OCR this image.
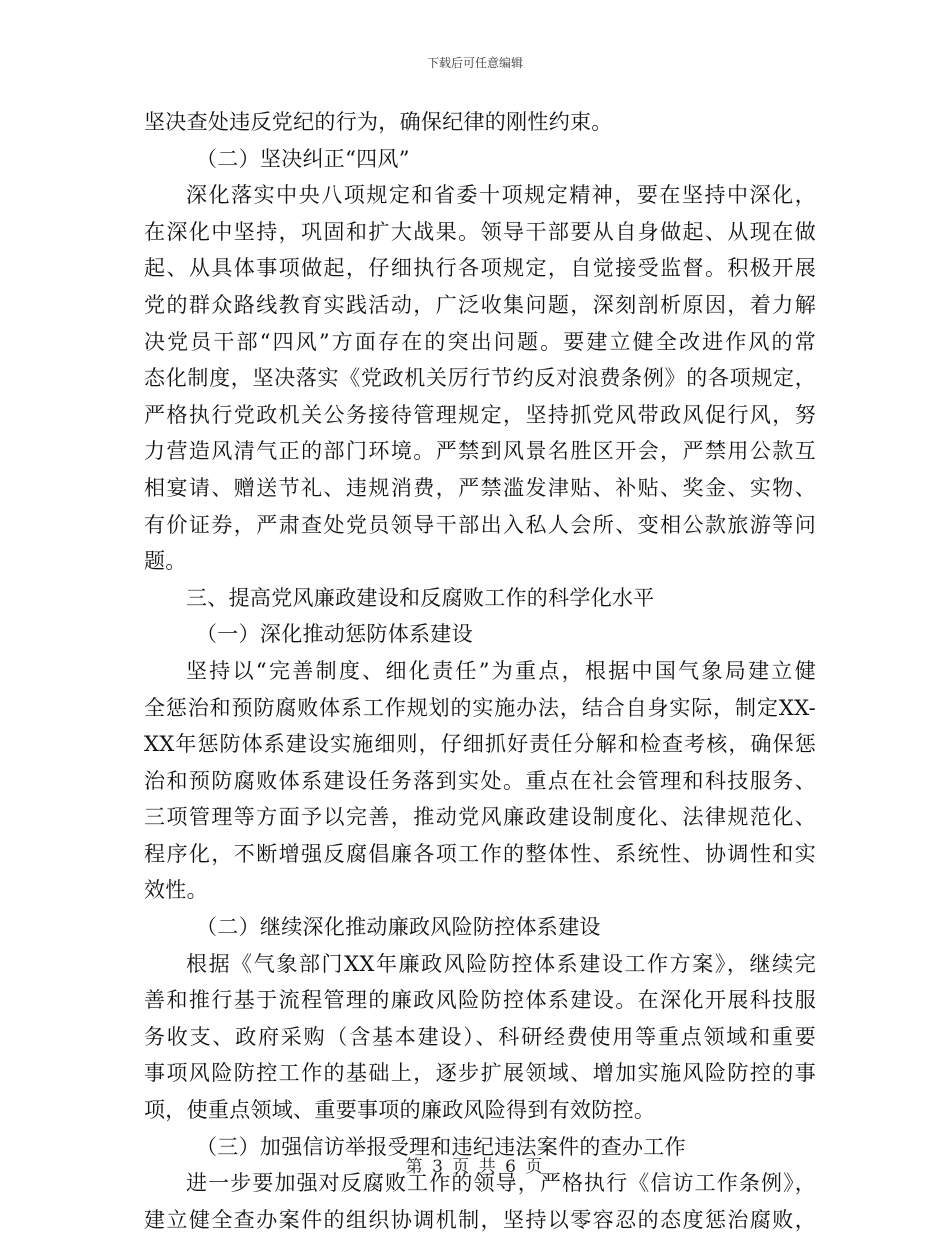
下载后可任意编辑
坚决查处违反党纪的行为，确保纪律的刚性约束。
（二）坚决纠正“四风”
深化落实中央八项规定和省委十项规定精神，要在坚持中深化，
在深化中坚持，巩固和扩大战果。领导干部要从自身做起、从现在做
起、从具体事项做起，仔细执行各项规定，自觉接受监督。积极开展
党的群众路线教育实践活动，广泛收集问题，深刻剖析原因，着力解
决党员干部“四风”方面存在的突出问题。要建立健全改进作风的常
态化制度，坚决落实《党政机关厉行节约反对浪费条例》的各项规定，
严格执行党政机关公务接待管理规定，坚持抓党风带政风促行风，努
力营造风清气正的部门环境。严禁到风景名胜区开会，严禁用公款互
相宴请、赠送节礼、违规消费，严禁滥发津贴、补贴、奖金、实物、
有价证券，严肃查处党员领导干部出入私人会所、变相公款旅游等问
题。
三、提高党风廉政建设和反腐败工作的科学化水平
（一）深化推动惩防体系建设
坚持以“完善制度、细化责任”为重点，根据中国气象局建立健
全惩治和预防腐败体系工作规划的实施办法，结合自身实际，制定XX-
XX年惩防体系建设实施细则，仔细抓好责任分解和检查考核，确保惩
治和预防腐败体系建设任务落到实处。重点在社会管理和科技服务、
三项管理等方面予以完善，推动党风廉政建设制度化、法律规范化、
程序化，不断增强反腐倡廉各项工作的整体性、系统性、协调性和实
效性。
（二）继续深化推动廉政风险防控体系建设
根据《气象部门XX年廉政风险防控体系建设工作方案》，继续完
善和推行基于流程管理的廉政风险防控体系建设。在深化开展科技服
务收支、政府采购（含基本建设）、科研经费使用等重点领域和重要
事项风险防控工作的基础上，逐步扩展领域、增加实施风险防控的事
项，使重点领域、重要事项的廉政风险得到有效防控。
（三）加强信访举报受理和违纪违法案件的查办工作
进一步要加强对反腐败工作的领导，严格执行《信访工作条例》，
建立健全查办案件的组织协调机制，坚持以零容忍的态度惩治腐败，
第 3 页 共 6 页
